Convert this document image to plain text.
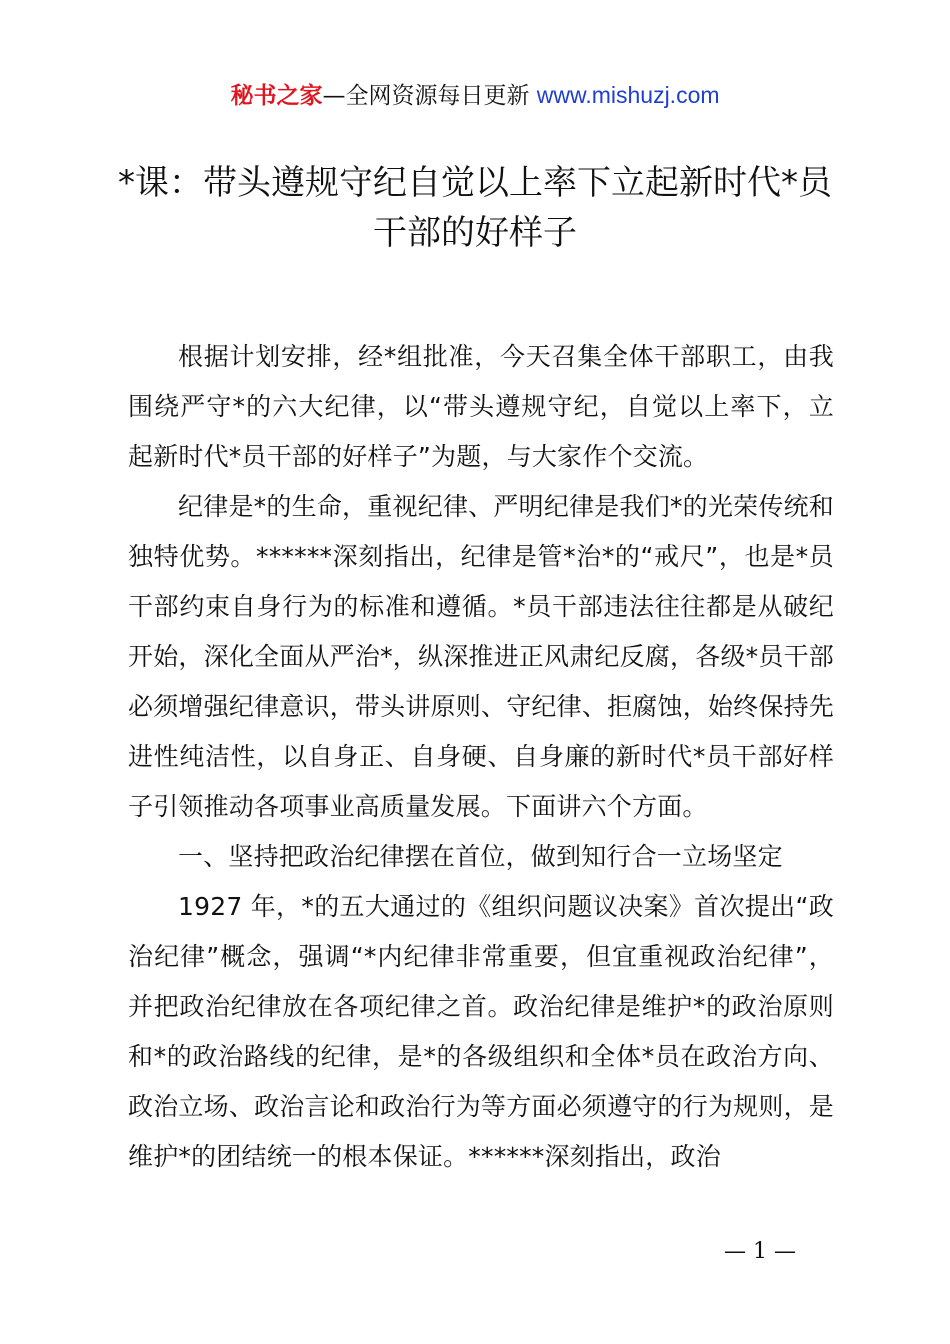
秘书之家—全网资源每日更新 www.mishuzj.com
*课：带头遵规守纪自觉以上率下立起新时代*员干部的好样子

根据计划安排，经*组批准，今天召集全体干部职工，由我围绕严守*的六大纪律，以“带头遵规守纪，自觉以上率下，立起新时代*员干部的好样子”为题，与大家作个交流。

纪律是*的生命，重视纪律、严明纪律是我们*的光荣传统和独特优势。******深刻指出，纪律是管*治*的“戒尺”，也是*员干部约束自身行为的标准和遵循。*员干部违法往往都是从破纪开始，深化全面从严治*，纵深推进正风肃纪反腐，各级*员干部必须增强纪律意识，带头讲原则、守纪律、拒腐蚀，始终保持先进性纯洁性，以自身正、自身硬、自身廉的新时代*员干部好样子引领推动各项事业高质量发展。下面讲六个方面。

一、坚持把政治纪律摆在首位，做到知行合一立场坚定

1927 年，*的五大通过的《组织问题议决案》首次提出“政治纪律”概念，强调“*内纪律非常重要，但宜重视政治纪律”，并把政治纪律放在各项纪律之首。政治纪律是维护*的政治原则和*的政治路线的纪律，是*的各级组织和全体*员在政治方向、政治立场、政治言论和政治行为等方面必须遵守的行为规则，是维护*的团结统一的根本保证。******深刻指出，政治

— 1 —
